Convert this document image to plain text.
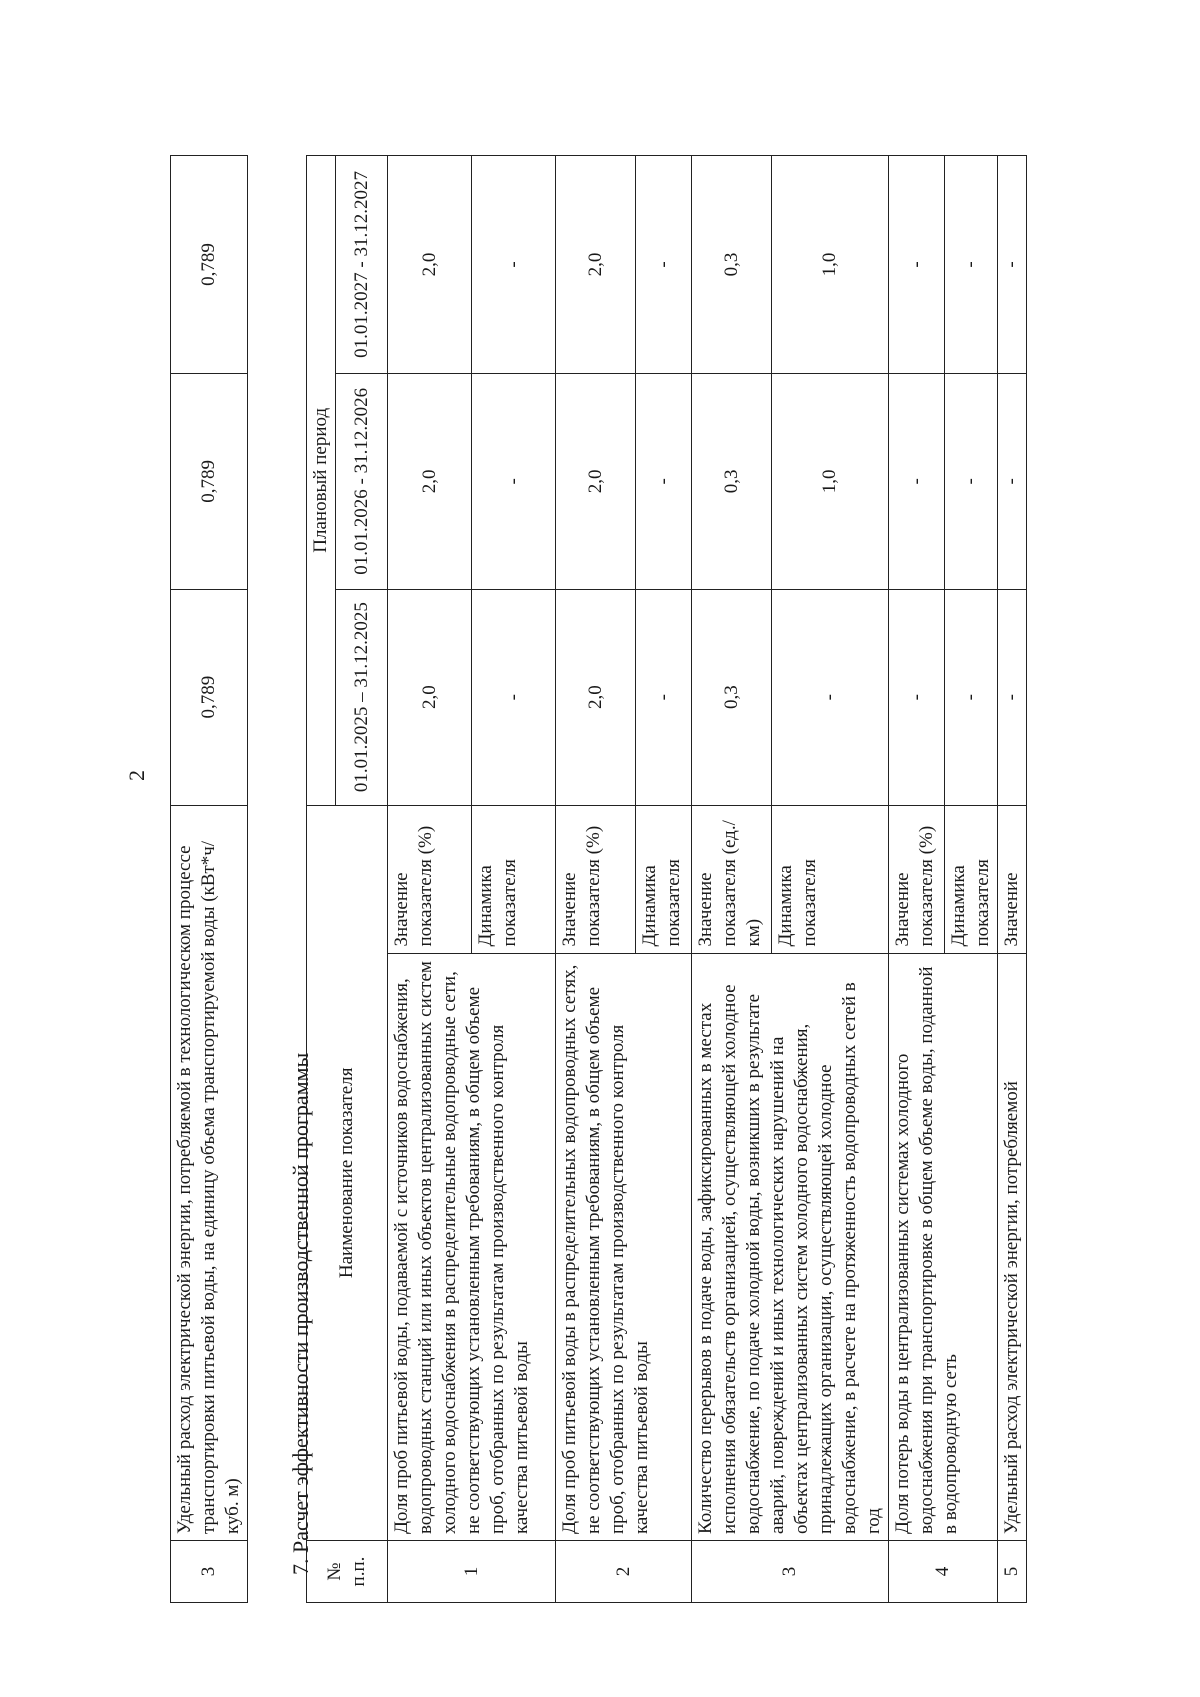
2
3	Удельный расход электрической энергии, потребляемой в технологическом процессе транспортировки питьевой воды, на единицу объема транспортируемой воды (кВт*ч/куб. м)	0,789	0,789	0,789
7. Расчет эффективности производственной программы № п.п.	Наименование показателя		Плановый период		
			01.01.2025 – 31.12.2025	01.01.2026 - 31.12.2026	01.01.2027 - 31.12.2027
1	Доля проб питьевой воды, подаваемой с источников водоснабжения, водопроводных станций или иных объектов централизованных систем холодного водоснабжения в распределительные водопроводные сети, не соответствующих установленным требованиям, в общем объеме проб, отобранных по результатам производственного контроля качества питьевой воды	Значение показателя (%)	2,0	2,0	2,0
		Динамика показателя	-	-	-
2	Доля проб питьевой воды в распределительных водопроводных сетях, не соответствующих установленным требованиям, в общем объеме проб, отобранных по результатам производственного контроля качества питьевой воды	Значение показателя (%)	2,0	2,0	2,0
		Динамика показателя	-	-	-
3	Количество перерывов в подаче воды, зафиксированных в местах исполнения обязательств организацией, осуществляющей холодное водоснабжение, по подаче холодной воды, возникших в результате аварий, повреждений и иных технологических нарушений на объектах централизованных систем холодного водоснабжения, принадлежащих организации, осуществляющей холодное водоснабжение, в расчете на протяженность водопроводных сетей в год	Значение показателя (ед./км)	0,3	0,3	0,3
		Динамика показателя	-	1,0	1,0
4	Доля потерь воды в централизованных системах холодного водоснабжения при транспортировке в общем объеме воды, поданной в водопроводную сеть	Значение показателя (%)	-	-	-
		Динамика показателя	-	-	-
5	Удельный расход электрической энергии, потребляемой	Значение	-	-	-
